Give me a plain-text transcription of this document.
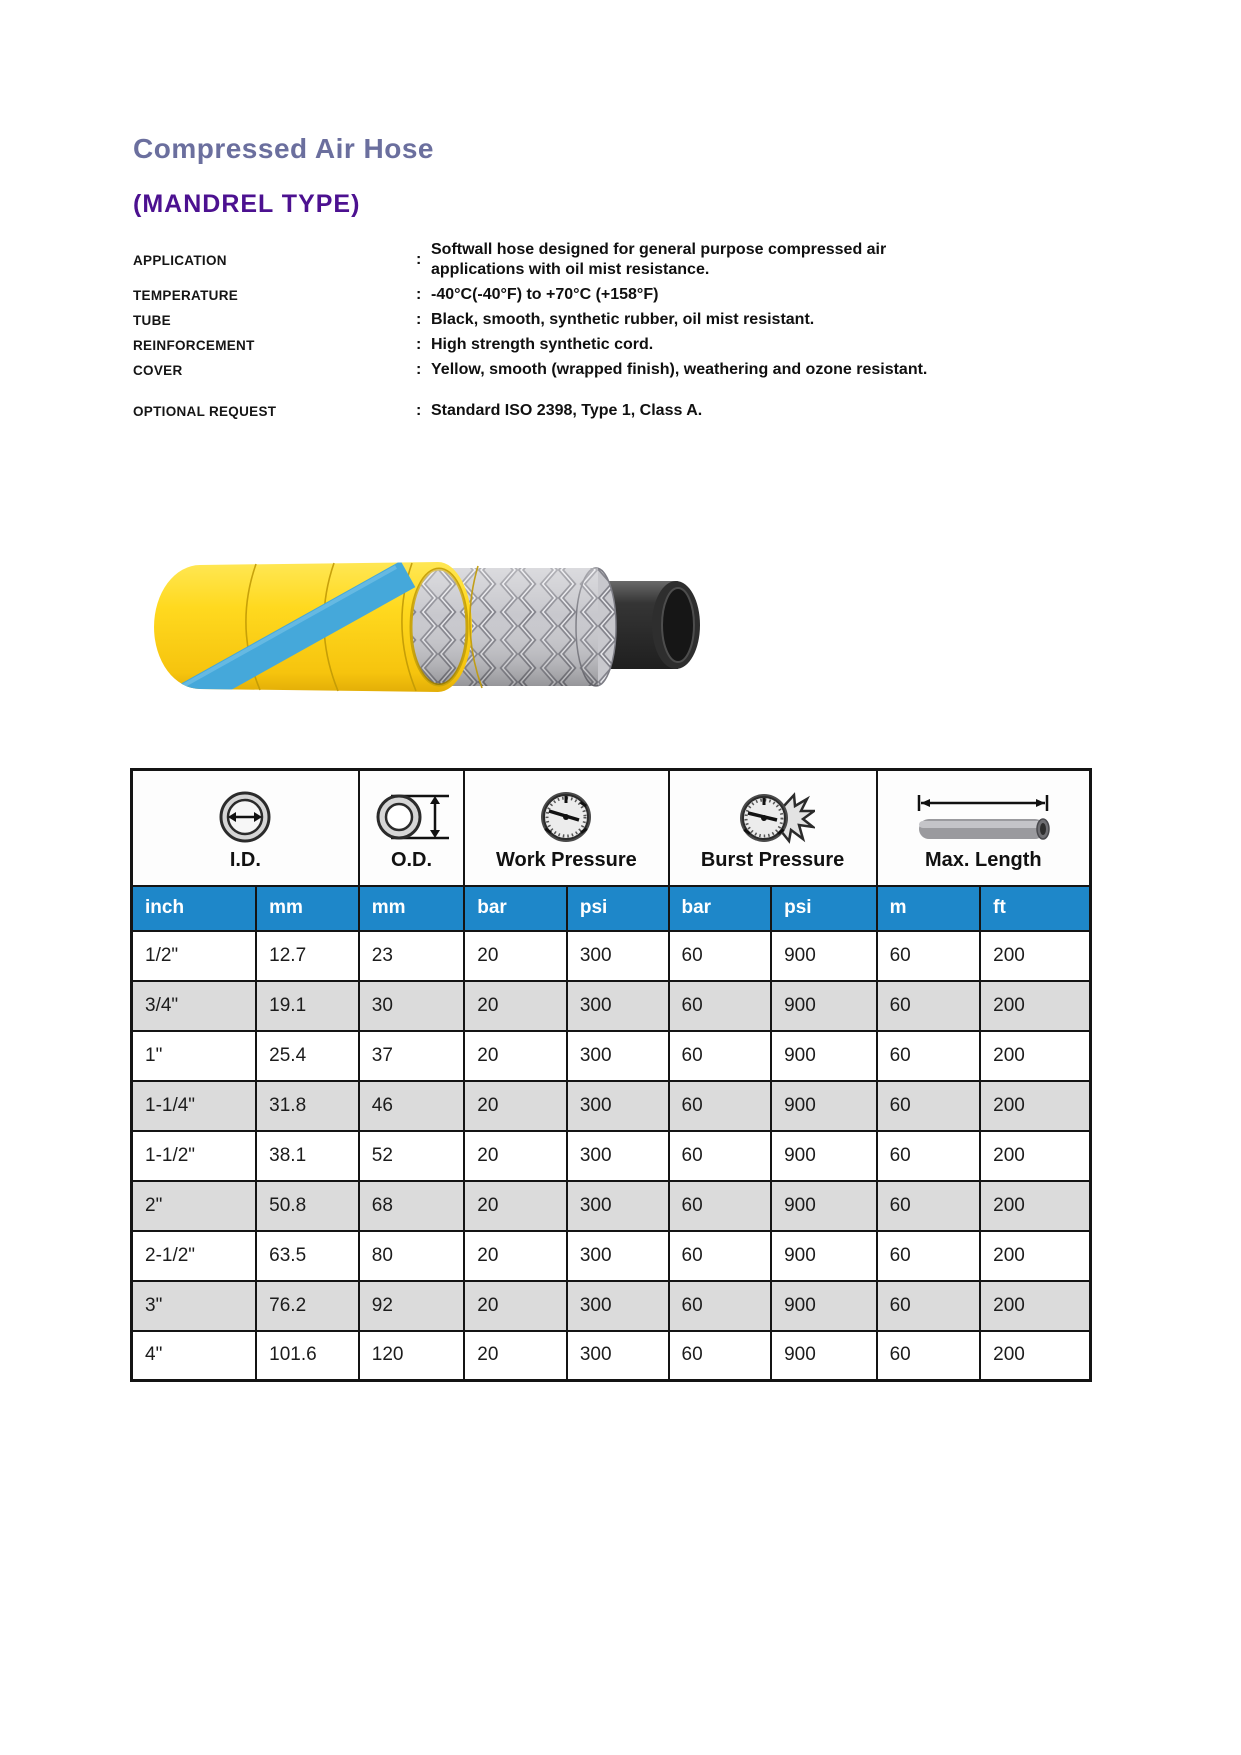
Compressed Air Hose
(MANDREL TYPE)
APPLICATION	:
Softwall hose designed for general purpose compressed air applications with oil mist resistance.
TEMPERATURE	: -40°C(-40°F) to +70°C (+158°F)
TUBE	: Black, smooth, synthetic rubber, oil mist resistant.
REINFORCEMENT	: High strength synthetic cord.
COVER	: Yellow, smooth (wrapped finish), weathering and ozone resistant.
OPTIONAL REQUEST	: Standard ISO 2398, Type 1, Class A.
I.D.		O.D.	Work Pressure		Burst Pressure		Max. Length	

inch	mm	mm	bar	psi	bar	psi	m	ft
1/2"	12.7	23	20	300	60	900	60	200
3/4"	19.1	30	20	300	60	900	60	200
1"	25.4	37	20	300	60	900	60	200
1-1/4"	31.8	46	20	300	60	900	60	200
1-1/2"	38.1	52	20	300	60	900	60	200
2"	50.8	68	20	300	60	900	60	200
2-1/2"	63.5	80	20	300	60	900	60	200
3"	76.2	92	20	300	60	900	60	200
4"	101.6	120	20	300	60	900	60	200
